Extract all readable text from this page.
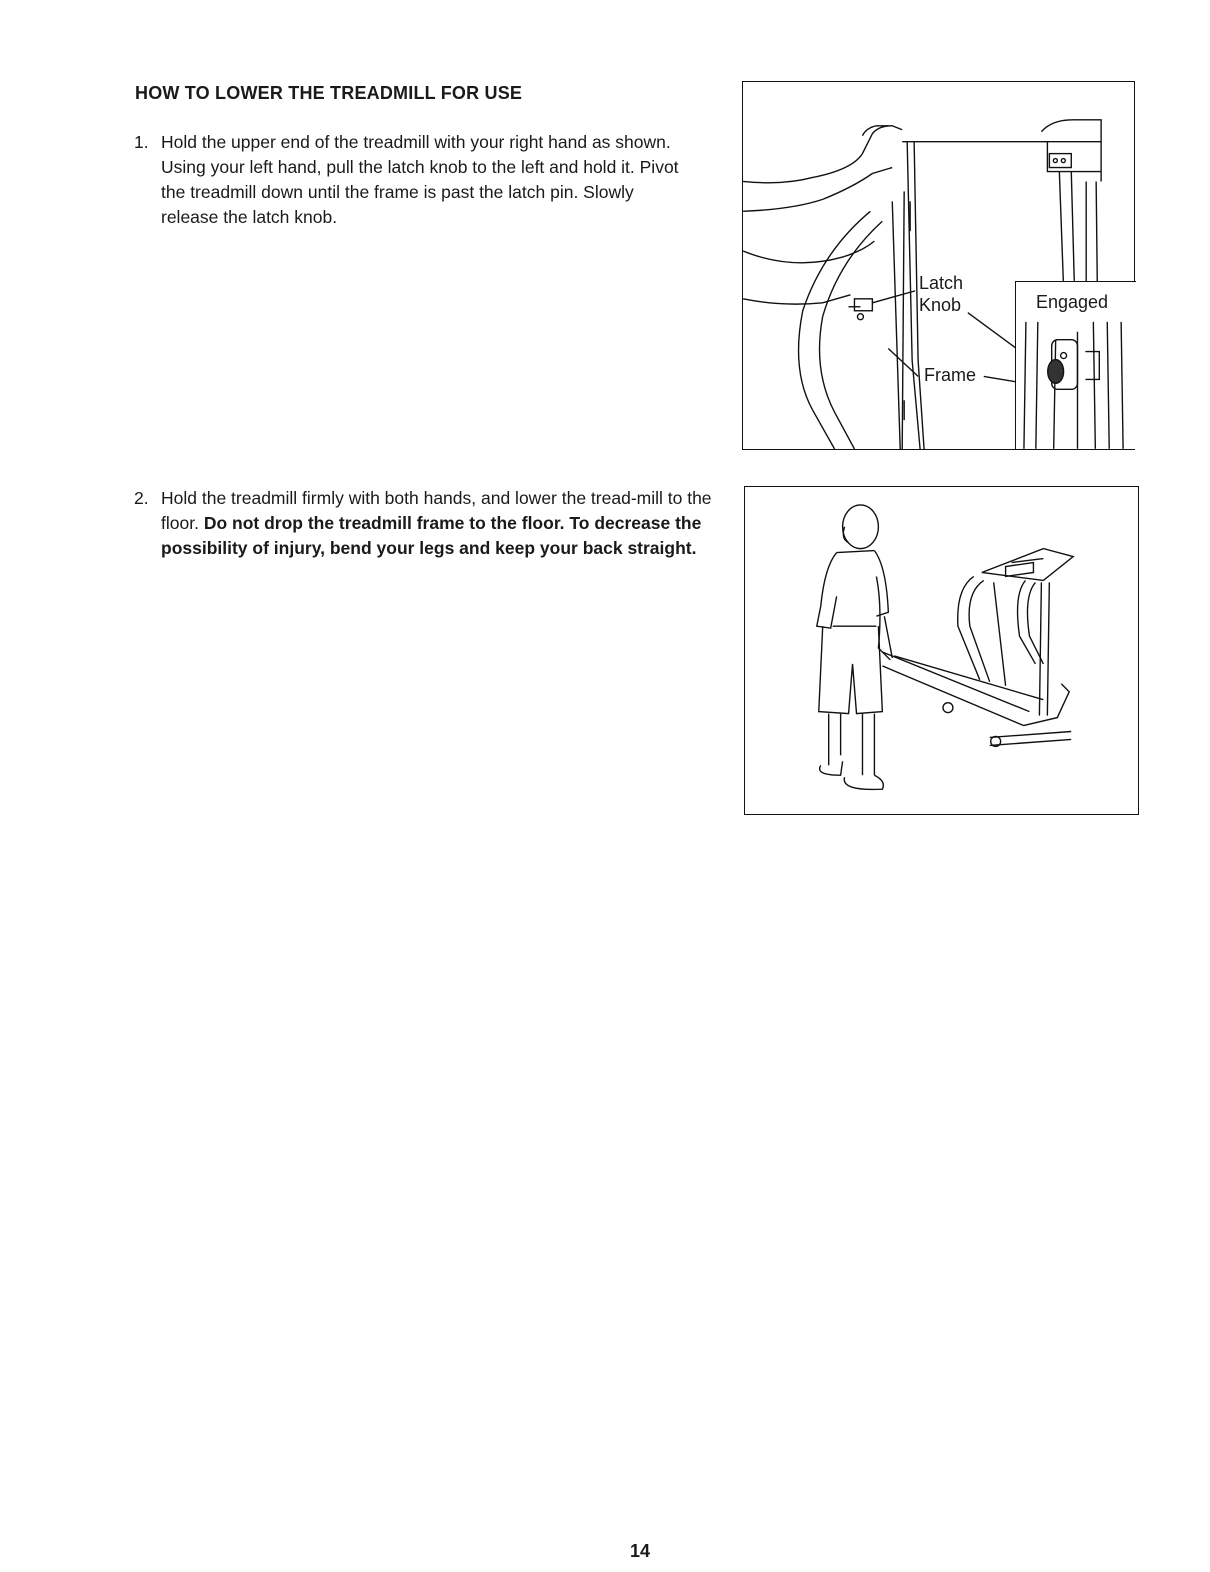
HOW TO LOWER THE TREADMILL FOR USE
1. Hold the upper end of the treadmill with your right hand as shown. Using your left hand, pull the latch knob to the left and hold it. Pivot the treadmill down until the frame is past the latch pin. Slowly release the latch knob.
2. Hold the treadmill firmly with both hands, and lower the tread-mill to the floor. Do not drop the treadmill frame to the floor. To decrease the possibility of injury, bend your legs and keep your back straight.
Engaged
Latch
Knob
Frame
14
